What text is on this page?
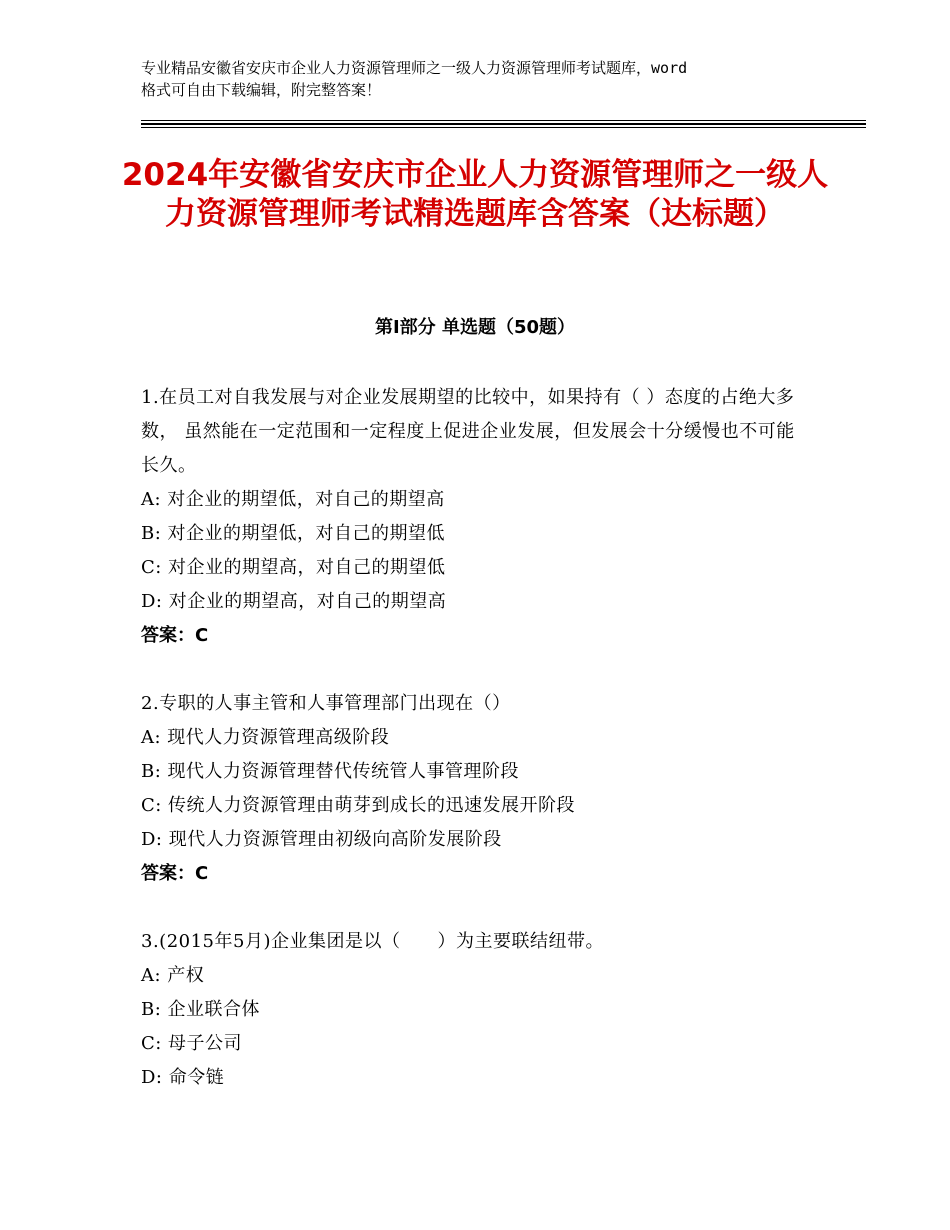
专业精品安徽省安庆市企业人力资源管理师之一级人力资源管理师考试题库，word
格式可自由下载编辑，附完整答案！
2024年安徽省安庆市企业人力资源管理师之一级人力资源管理师考试精选题库含答案（达标题）
第Ⅰ部分 单选题（50题）
1.在员工对自我发展与对企业发展期望的比较中，如果持有（ ）态度的占绝大多数， 虽然能在一定范围和一定程度上促进企业发展，但发展会十分缓慢也不可能长久。
A: 对企业的期望低，对自己的期望高
B: 对企业的期望低，对自己的期望低
C: 对企业的期望高，对自己的期望低
D: 对企业的期望高，对自己的期望高
答案：C
2.专职的人事主管和人事管理部门出现在（）
A: 现代人力资源管理高级阶段
B: 现代人力资源管理替代传统管人事管理阶段
C: 传统人力资源管理由萌芽到成长的迅速发展开阶段
D: 现代人力资源管理由初级向高阶发展阶段
答案：C
3.(2015年5月)企业集团是以（　　）为主要联结纽带。
A: 产权
B: 企业联合体
C: 母子公司
D: 命令链
